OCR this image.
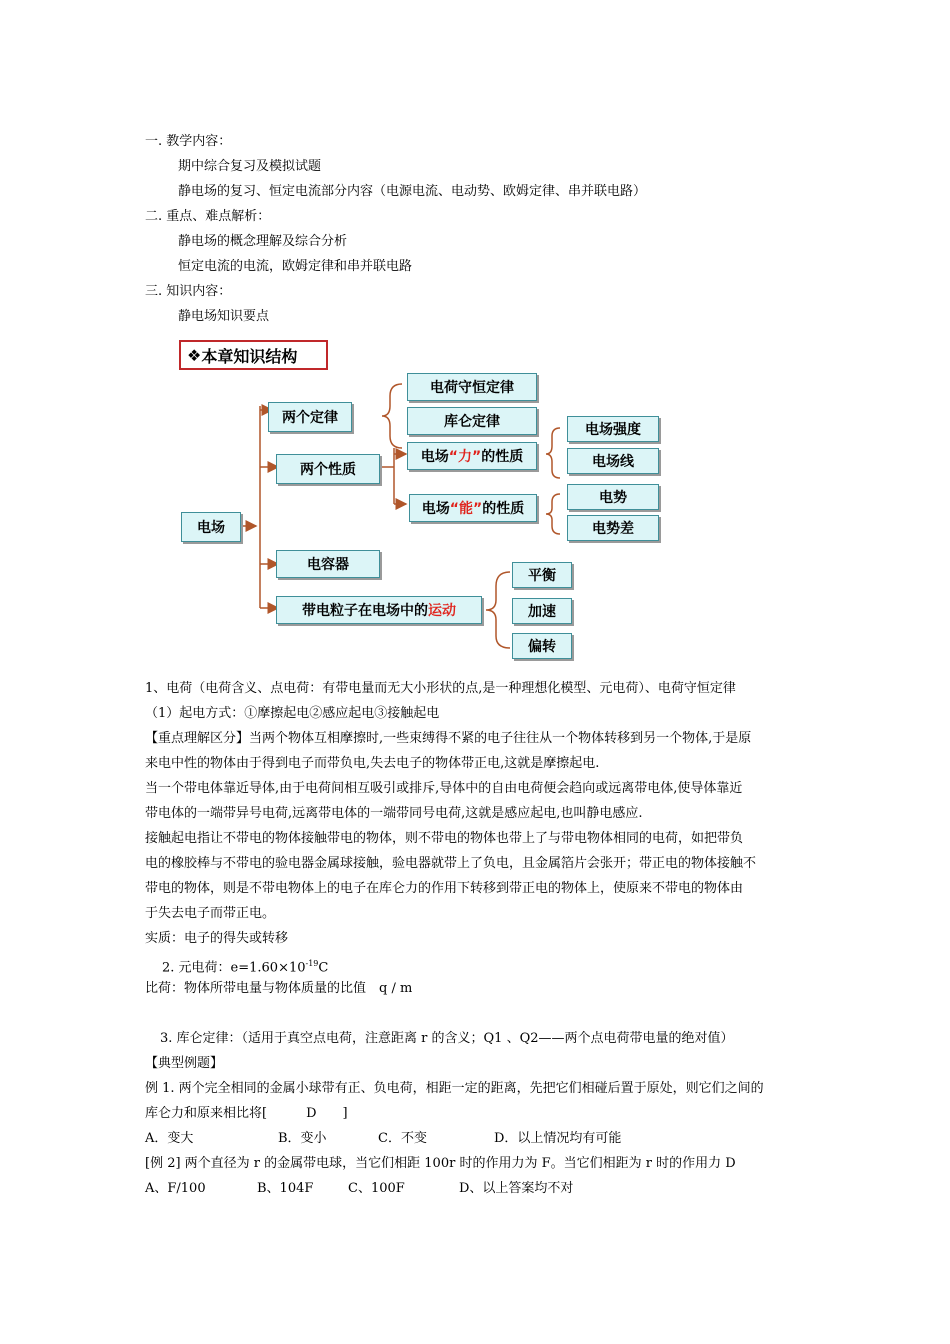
一. 教学内容：
期中综合复习及模拟试题
静电场的复习、恒定电流部分内容（电源电流、电动势、欧姆定律、串并联电路）
二. 重点、难点解析：
静电场的概念理解及综合分析
恒定电流的电流，欧姆定律和串并联电路
三. 知识内容：
静电场知识要点
❖ 本章知识结构
电场
两个定律
电荷守恒定律
库仑定律
两个性质
电场 “力” 的性质
电场 “能” 的性质
电场强度
电场线
电势
电势差
电容器
带电粒子在电场中的 运动
平衡
加速
偏转
1、电荷（电荷含义、点电荷：有带电量而无大小形状的点,是一种理想化模型、元电荷）、电荷守恒定律
（1）起电方式：①摩擦起电②感应起电③接触起电
【重点理解区分】当两个物体互相摩擦时,一些束缚得不紧的电子往往从一个物体转移到另一个物体,于是原
来电中性的物体由于得到电子而带负电,失去电子的物体带正电,这就是摩擦起电.
当一个带电体靠近导体,由于电荷间相互吸引或排斥,导体中的自由电荷便会趋向或远离带电体,使导体靠近
带电体的一端带异号电荷,远离带电体的一端带同号电荷,这就是感应起电,也叫静电感应.
接触起电指让不带电的物体接触带电的物体，则不带电的物体也带上了与带电物体相同的电荷，如把带负
电的橡胶棒与不带电的验电器金属球接触，验电器就带上了负电，且金属箔片会张开；带正电的物体接触不
带电的物体，则是不带电物体上的电子在库仑力的作用下转移到带正电的物体上，使原来不带电的物体由
于失去电子而带正电。
实质：电子的得失或转移
2. 元电荷：$e=1.60\times 10^{-19}C$
比荷：物体所带电量与物体质量的比值　q / m
3. 库仑定律：（适用于真空点电荷，注意距离 r 的含义；Q1 、Q2——两个点电荷带电量的绝对值）
【典型例题】
例 1. 两个完全相同的金属小球带有正、负电荷，相距一定的距离，先把它们相碰后置于原处，则它们之间的
库仑力和原来相比将[　　　D　　]
A．变大	B．变小	C．不变	D．以上情况均有可能
[例 2] 两个直径为 r 的金属带电球，当它们相距 100r 时的作用力为 F。当它们相距为 r 时的作用力 D
A、F/100	B、104F	C、100F	D、以上答案均不对
